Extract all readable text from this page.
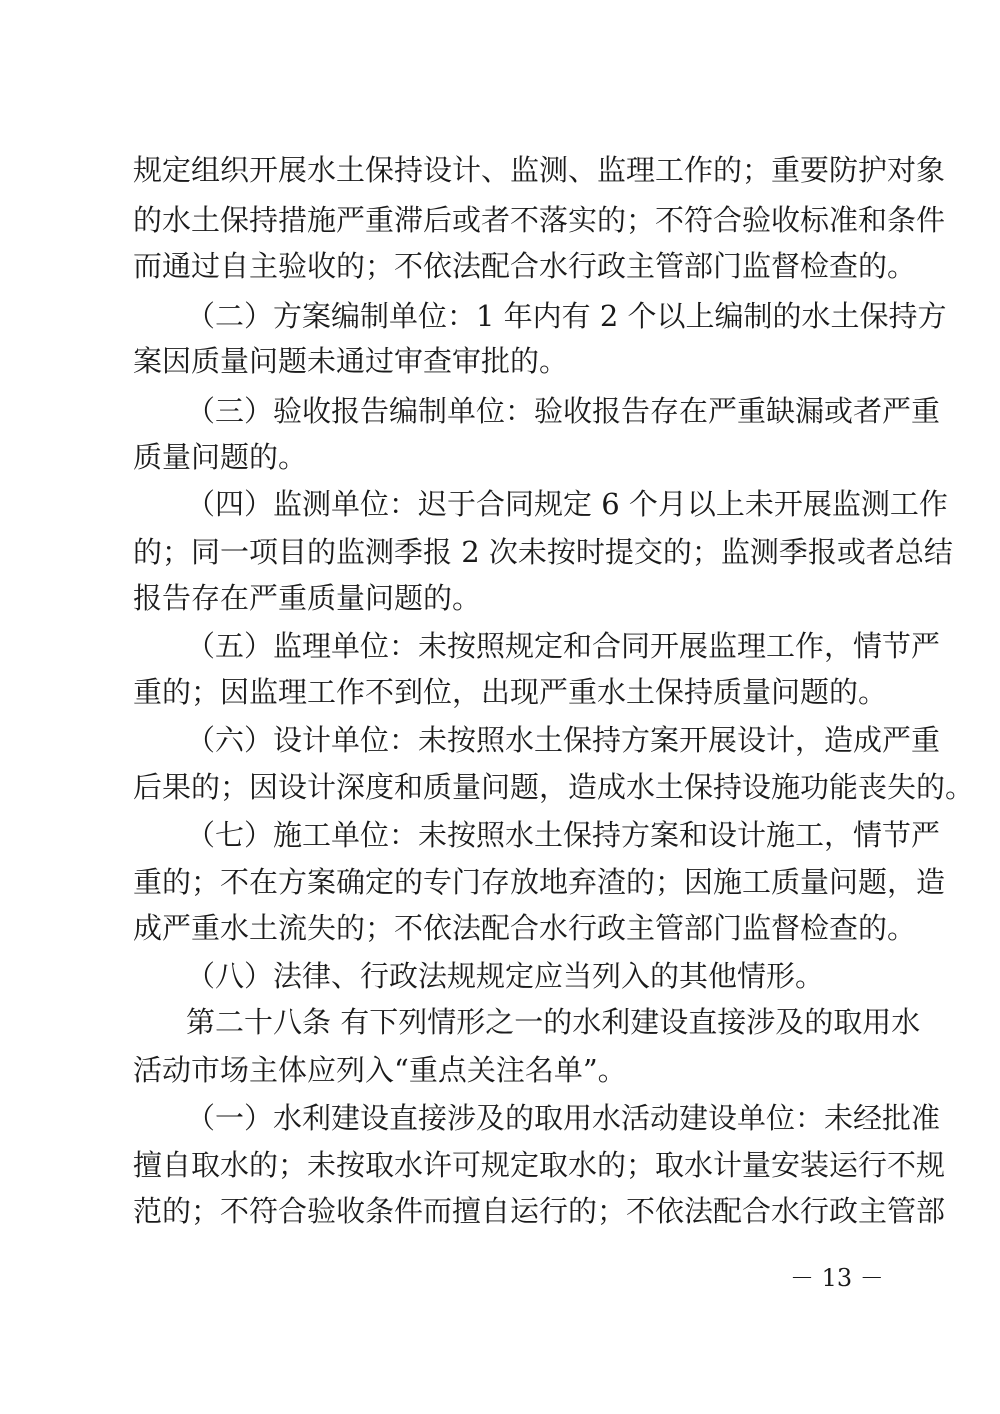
规定组织开展水土保持设计、监测、监理工作的；重要防护对象
的水土保持措施严重滞后或者不落实的；不符合验收标准和条件
而通过自主验收的；不依法配合水行政主管部门监督检查的。
（二）方案编制单位：1 年内有 2 个以上编制的水土保持方
案因质量问题未通过审查审批的。
（三）验收报告编制单位：验收报告存在严重缺漏或者严重
质量问题的。
（四）监测单位：迟于合同规定 6 个月以上未开展监测工作
的；同一项目的监测季报 2 次未按时提交的；监测季报或者总结
报告存在严重质量问题的。
（五）监理单位：未按照规定和合同开展监理工作，情节严
重的；因监理工作不到位，出现严重水土保持质量问题的。
（六）设计单位：未按照水土保持方案开展设计，造成严重
后果的；因设计深度和质量问题，造成水土保持设施功能丧失的。
（七）施工单位：未按照水土保持方案和设计施工，情节严
重的；不在方案确定的专门存放地弃渣的；因施工质量问题，造
成严重水土流失的；不依法配合水行政主管部门监督检查的。
（八）法律、行政法规规定应当列入的其他情形。
第二十八条 有下列情形之一的水利建设直接涉及的取用水
活动市场主体应列入“重点关注名单”。
（一）水利建设直接涉及的取用水活动建设单位：未经批准
擅自取水的；未按取水许可规定取水的；取水计量安装运行不规
范的；不符合验收条件而擅自运行的；不依法配合水行政主管部
－ 13 －
